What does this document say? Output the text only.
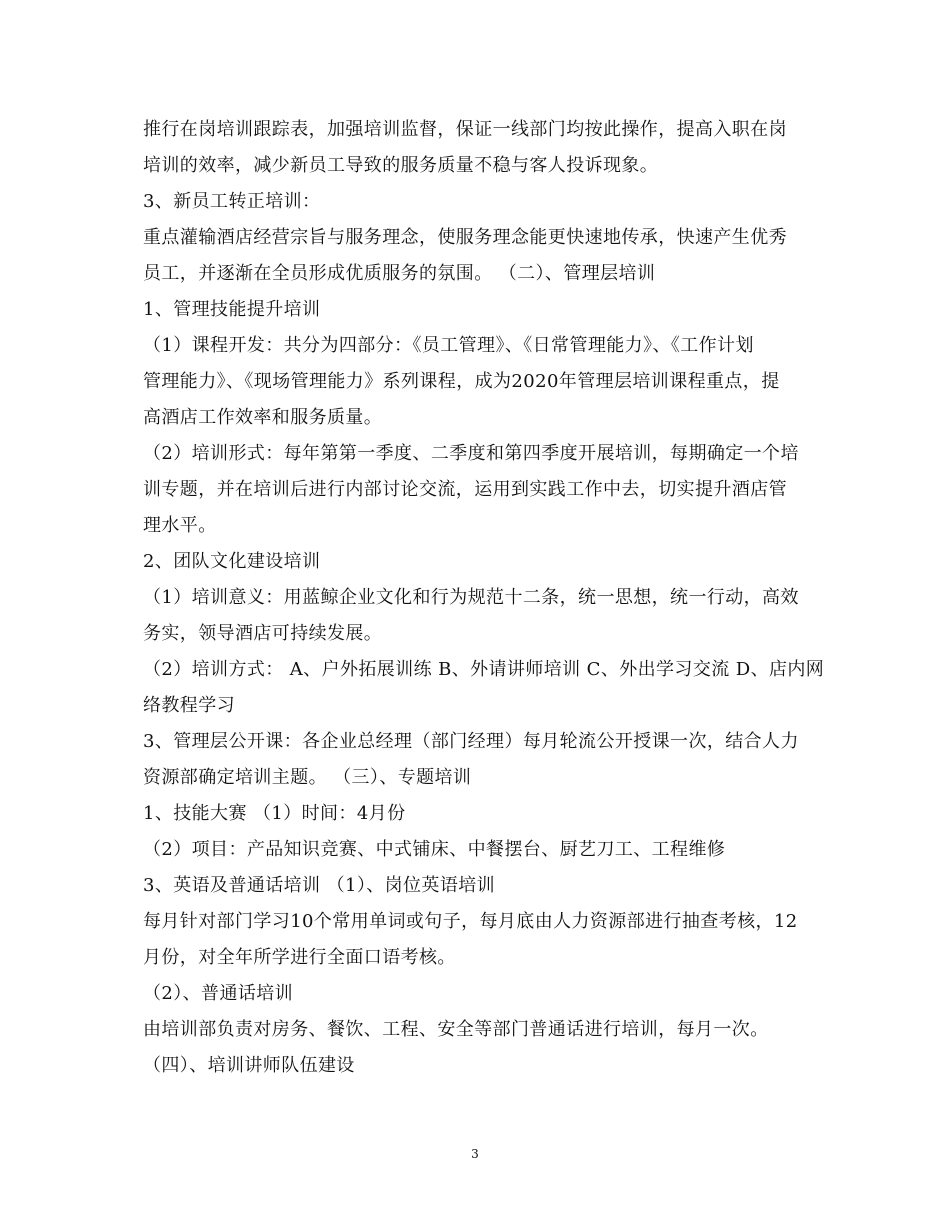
推行在岗培训跟踪表，加强培训监督，保证一线部门均按此操作，提高入职在岗
培训的效率，减少新员工导致的服务质量不稳与客人投诉现象。
3、新员工转正培训：
重点灌输酒店经营宗旨与服务理念，使服务理念能更快速地传承，快速产生优秀
员工，并逐渐在全员形成优质服务的氛围。 （二）、管理层培训
1、管理技能提升培训
（1）课程开发：共分为四部分：《员工管理》、《日常管理能力》、《工作计划
管理能力》、《现场管理能力》系列课程，成为2020年管理层培训课程重点，提
高酒店工作效率和服务质量。
（2）培训形式：每年第第一季度、二季度和第四季度开展培训，每期确定一个培
训专题，并在培训后进行内部讨论交流，运用到实践工作中去，切实提升酒店管
理水平。
2、团队文化建设培训
（1）培训意义：用蓝鲸企业文化和行为规范十二条，统一思想，统一行动，高效
务实，领导酒店可持续发展。
（2）培训方式： A、户外拓展训练 B、外请讲师培训 C、外出学习交流 D、店内网
络教程学习
3、管理层公开课：各企业总经理（部门经理）每月轮流公开授课一次，结合人力
资源部确定培训主题。 （三）、专题培训
1、技能大赛 （1）时间：4月份
（2）项目：产品知识竞赛、中式铺床、中餐摆台、厨艺刀工、工程维修
3、英语及普通话培训 （1）、岗位英语培训
每月针对部门学习10个常用单词或句子，每月底由人力资源部进行抽查考核，12
月份，对全年所学进行全面口语考核。
（2）、普通话培训
由培训部负责对房务、餐饮、工程、安全等部门普通话进行培训，每月一次。
（四）、培训讲师队伍建设
3
